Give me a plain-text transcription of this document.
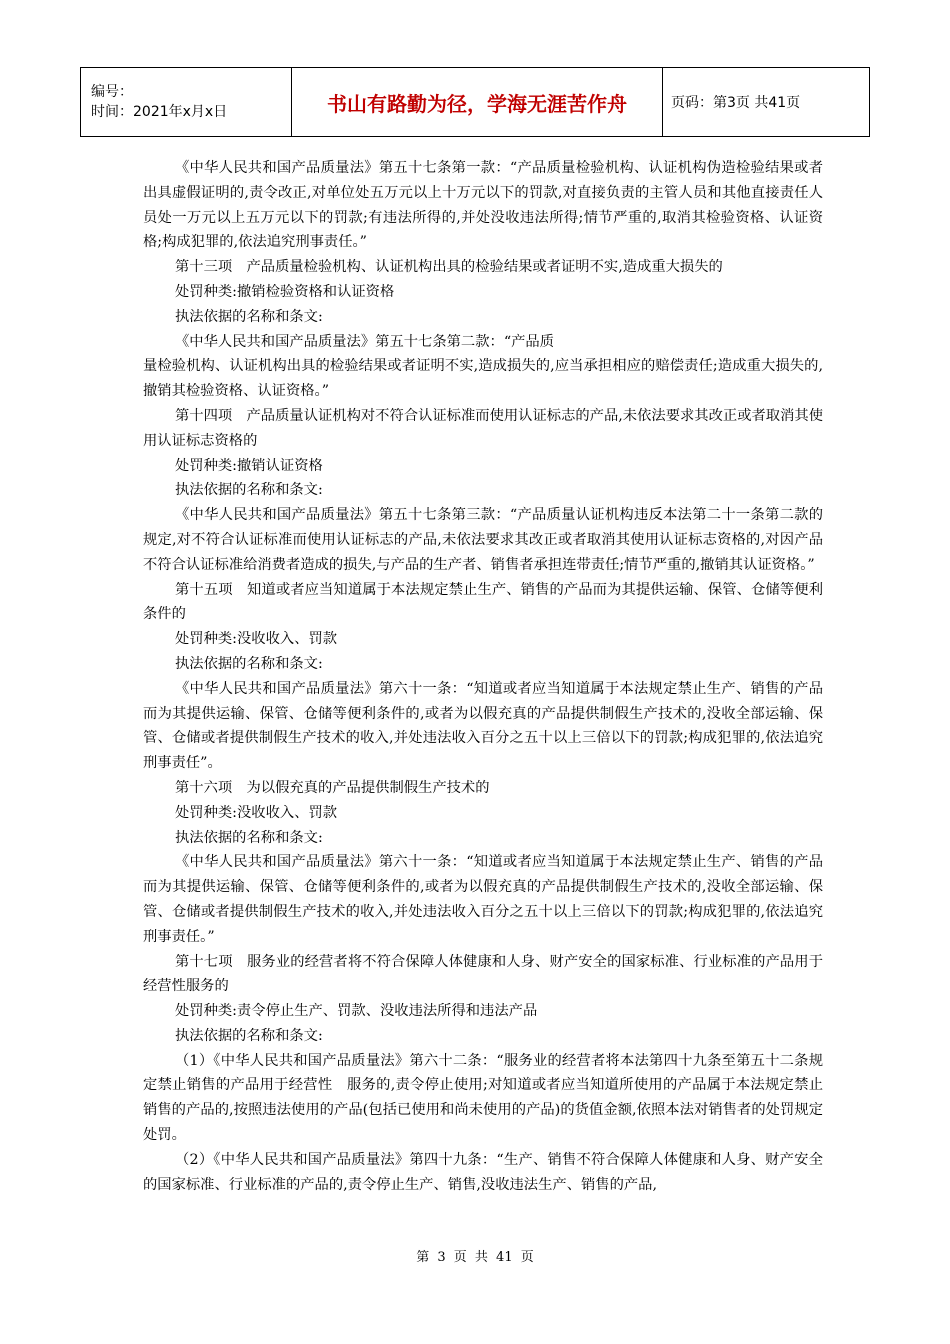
编号：
时间：2021年x月x日	书山有路勤为径，学海无涯苦作舟	页码：第3页 共41页

《中华人民共和国产品质量法》第五十七条第一款：“产品质量检验机构、认证机构伪造检验结果或者出具虚假证明的,责令改正,对单位处五万元以上十万元以下的罚款,对直接负责的主管人员和其他直接责任人员处一万元以上五万元以下的罚款;有违法所得的,并处没收违法所得;情节严重的,取消其检验资格、认证资格;构成犯罪的,依法追究刑事责任。”

第十三项　产品质量检验机构、认证机构出具的检验结果或者证明不实,造成重大损失的

处罚种类:撤销检验资格和认证资格

执法依据的名称和条文:

《中华人民共和国产品质量法》第五十七条第二款：“产品质

量检验机构、认证机构出具的检验结果或者证明不实,造成损失的,应当承担相应的赔偿责任;造成重大损失的,撤销其检验资格、认证资格。”

第十四项　产品质量认证机构对不符合认证标准而使用认证标志的产品,未依法要求其改正或者取消其使用认证标志资格的

处罚种类:撤销认证资格

执法依据的名称和条文:

《中华人民共和国产品质量法》第五十七条第三款：“产品质量认证机构违反本法第二十一条第二款的规定,对不符合认证标准而使用认证标志的产品,未依法要求其改正或者取消其使用认证标志资格的,对因产品不符合认证标准给消费者造成的损失,与产品的生产者、销售者承担连带责任;情节严重的,撤销其认证资格。”

第十五项　知道或者应当知道属于本法规定禁止生产、销售的产品而为其提供运输、保管、仓储等便利条件的

处罚种类:没收收入、罚款

执法依据的名称和条文:

《中华人民共和国产品质量法》第六十一条：“知道或者应当知道属于本法规定禁止生产、销售的产品而为其提供运输、保管、仓储等便利条件的,或者为以假充真的产品提供制假生产技术的,没收全部运输、保管、仓储或者提供制假生产技术的收入,并处违法收入百分之五十以上三倍以下的罚款;构成犯罪的,依法追究刑事责任”。

第十六项　为以假充真的产品提供制假生产技术的

处罚种类:没收收入、罚款

执法依据的名称和条文:

《中华人民共和国产品质量法》第六十一条：“知道或者应当知道属于本法规定禁止生产、销售的产品而为其提供运输、保管、仓储等便利条件的,或者为以假充真的产品提供制假生产技术的,没收全部运输、保管、仓储或者提供制假生产技术的收入,并处违法收入百分之五十以上三倍以下的罚款;构成犯罪的,依法追究刑事责任。”

第十七项　服务业的经营者将不符合保障人体健康和人身、财产安全的国家标准、行业标准的产品用于经营性服务的

处罚种类:责令停止生产、罚款、没收违法所得和违法产品

执法依据的名称和条文:

（1）《中华人民共和国产品质量法》第六十二条：“服务业的经营者将本法第四十九条至第五十二条规定禁止销售的产品用于经营性　服务的,责令停止使用;对知道或者应当知道所使用的产品属于本法规定禁止销售的产品的,按照违法使用的产品(包括已使用和尚未使用的产品)的货值金额,依照本法对销售者的处罚规定处罚。

（2）《中华人民共和国产品质量法》第四十九条：“生产、销售不符合保障人体健康和人身、财产安全的国家标准、行业标准的产品的,责令停止生产、销售,没收违法生产、销售的产品,

第 3 页 共 41 页
